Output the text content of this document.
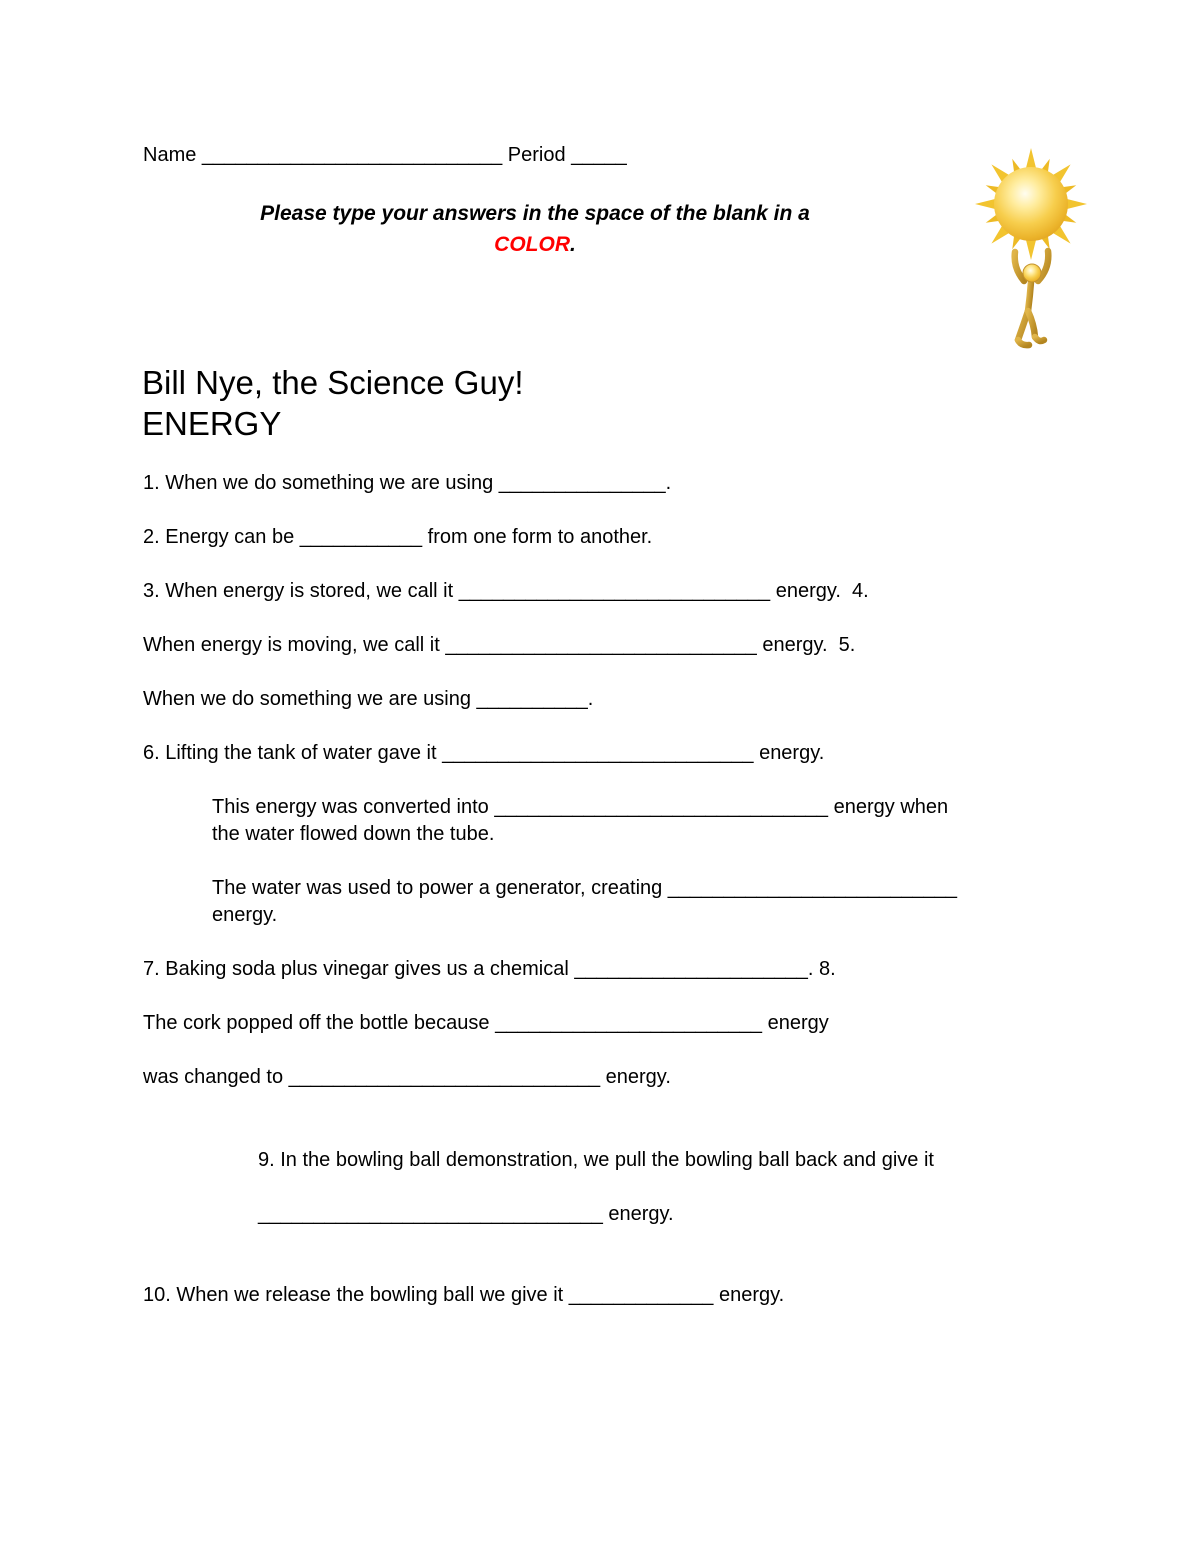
Name ___________________________ Period _____
Please type your answers in the space of the blank in a
COLOR.
Bill Nye, the Science Guy!
ENERGY

1. When we do something we are using _______________.

2. Energy can be ___________ from one form to another.

3. When energy is stored, we call it ____________________________ energy.  4.

When energy is moving, we call it ____________________________ energy.  5.

When we do something we are using __________.

6. Lifting the tank of water gave it ____________________________ energy.

This energy was converted into ______________________________ energy when
the water flowed down the tube.

The water was used to power a generator, creating __________________________
energy.

7. Baking soda plus vinegar gives us a chemical _____________________. 8.

The cork popped off the bottle because ________________________ energy

was changed to ____________________________ energy.

9. In the bowling ball demonstration, we pull the bowling ball back and give it
_______________________________ energy.

10. When we release the bowling ball we give it _____________ energy.
